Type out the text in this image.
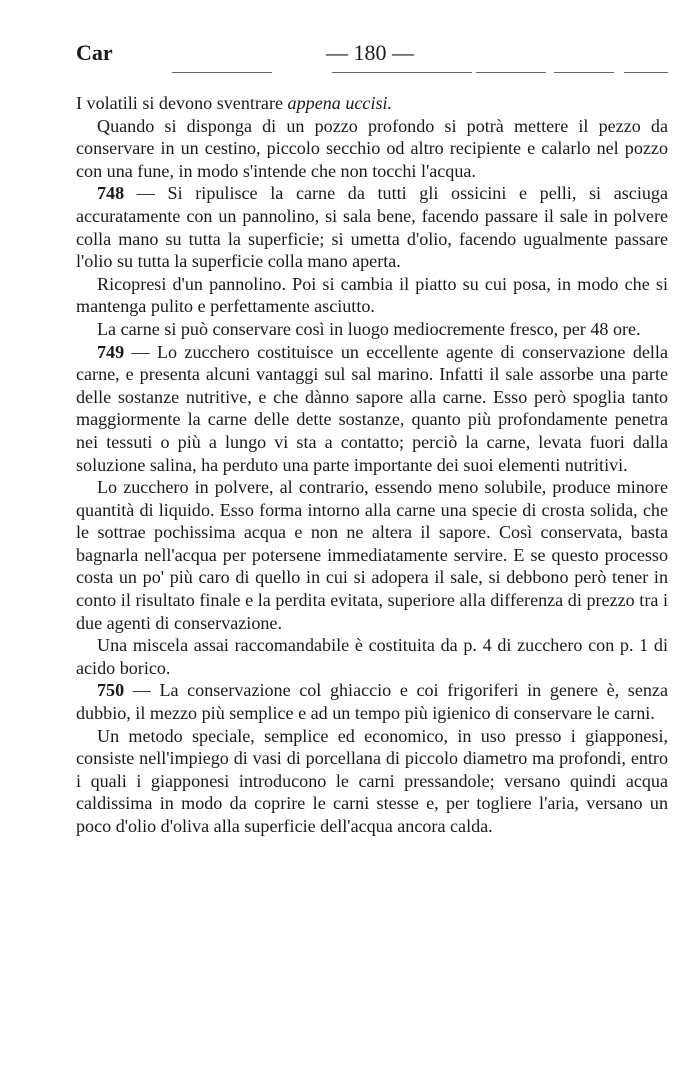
Car	— 180 —

I volatili si devono sventrare appena uccisi.

Quando si disponga di un pozzo profondo si potrà mettere il pezzo da conservare in un cestino, piccolo secchio od altro recipiente e calarlo nel pozzo con una fune, in modo s'intende che non tocchi l'acqua.

748 — Si ripulisce la carne da tutti gli ossicini e pelli, si asciuga accuratamente con un pannolino, si sala bene, facendo passare il sale in polvere colla mano su tutta la superficie; si umetta d'olio, facendo ugualmente passare l'olio su tutta la superficie colla mano aperta.

Ricopresi d'un pannolino. Poi si cambia il piatto su cui posa, in modo che si mantenga pulito e perfettamente asciutto.

La carne si può conservare così in luogo mediocremente fresco, per 48 ore.

749 — Lo zucchero costituisce un eccellente agente di conservazione della carne, e presenta alcuni vantaggi sul sal marino. Infatti il sale assorbe una parte delle sostanze nutritive, e che dànno sapore alla carne. Esso però spoglia tanto maggiormente la carne delle dette sostanze, quanto più profondamente penetra nei tessuti o più a lungo vi sta a contatto; perciò la carne, levata fuori dalla soluzione salina, ha perduto una parte importante dei suoi elementi nutritivi.

Lo zucchero in polvere, al contrario, essendo meno solubile, produce minore quantità di liquido. Esso forma intorno alla carne una specie di crosta solida, che le sottrae pochissima acqua e non ne altera il sapore. Così conservata, basta bagnarla nell'acqua per potersene immediatamente servire. E se questo processo costa un po' più caro di quello in cui si adopera il sale, si debbono però tener in conto il risultato finale e la perdita evitata, superiore alla differenza di prezzo tra i due agenti di conservazione.

Una miscela assai raccomandabile è costituita da p. 4 di zucchero con p. 1 di acido borico.

750 — La conservazione col ghiaccio e coi frigoriferi in genere è, senza dubbio, il mezzo più semplice e ad un tempo più igienico di conservare le carni.

Un metodo speciale, semplice ed economico, in uso presso i giapponesi, consiste nell'impiego di vasi di porcellana di piccolo diametro ma profondi, entro i quali i giapponesi introducono le carni pressandole; versano quindi acqua caldissima in modo da coprire le carni stesse e, per togliere l'aria, versano un poco d'olio d'oliva alla superficie dell'acqua ancora calda.
